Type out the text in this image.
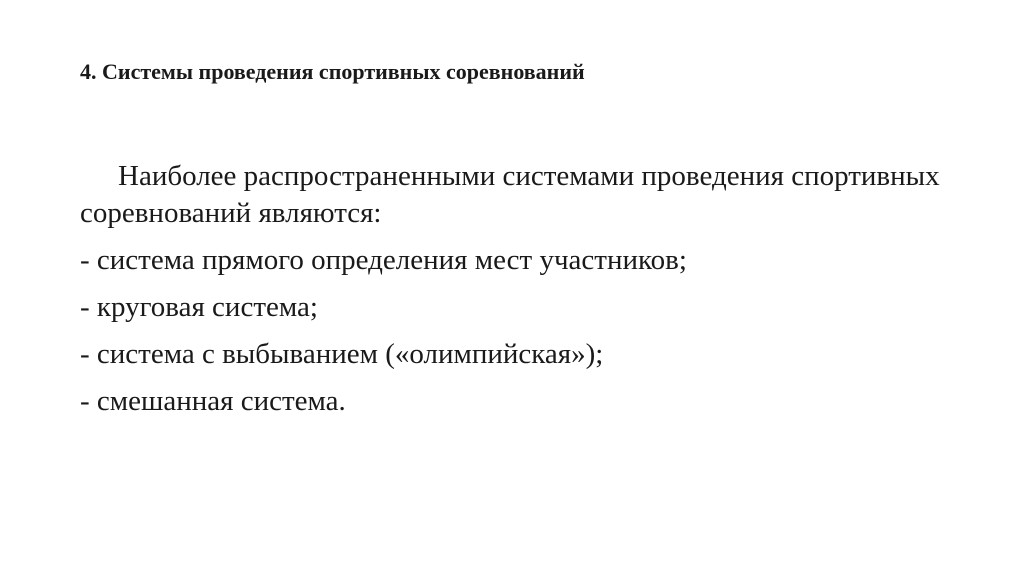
4. Системы проведения спортивных соревнований

Наиболее распространенными системами проведения спортивных соревнований являются:

- система прямого определения мест участников;
- круговая система;
- система с выбыванием («олимпийская»);
- смешанная система.
